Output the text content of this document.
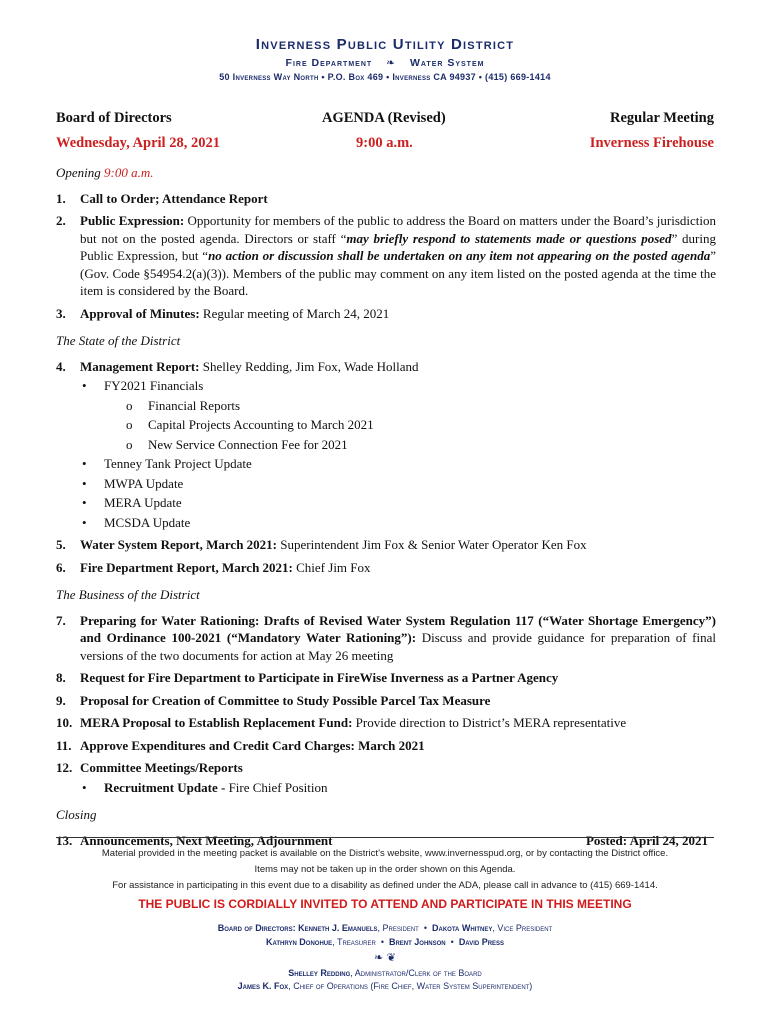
Inverness Public Utility District
Fire Department ❧ Water System
50 Inverness Way North • P.O. Box 469 • Inverness CA 94937 • (415) 669-1414
Board of Directors	AGENDA (Revised)	Regular Meeting
Wednesday, April 28, 2021	9:00 a.m.	Inverness Firehouse
Opening 9:00 a.m.
1. Call to Order; Attendance Report
2. Public Expression: Opportunity for members of the public to address the Board on matters under the Board’s jurisdiction but not on the posted agenda. Directors or staff “may briefly respond to statements made or questions posed” during Public Expression, but “no action or discussion shall be undertaken on any item not appearing on the posted agenda” (Gov. Code §54954.2(a)(3)). Members of the public may comment on any item listed on the posted agenda at the time the item is considered by the Board.
3. Approval of Minutes: Regular meeting of March 24, 2021
The State of the District
4. Management Report: Shelley Redding, Jim Fox, Wade Holland
• FY2021 Financials
o Financial Reports
o Capital Projects Accounting to March 2021
o New Service Connection Fee for 2021
• Tenney Tank Project Update
• MWPA Update
• MERA Update
• MCSDA Update
5. Water System Report, March 2021: Superintendent Jim Fox & Senior Water Operator Ken Fox
6. Fire Department Report, March 2021: Chief Jim Fox
The Business of the District
7. Preparing for Water Rationing: Drafts of Revised Water System Regulation 117 (“Water Shortage Emergency”) and Ordinance 100-2021 (“Mandatory Water Rationing”): Discuss and provide guidance for preparation of final versions of the two documents for action at May 26 meeting
8. Request for Fire Department to Participate in FireWise Inverness as a Partner Agency
9. Proposal for Creation of Committee to Study Possible Parcel Tax Measure
10. MERA Proposal to Establish Replacement Fund: Provide direction to District’s MERA representative
11. Approve Expenditures and Credit Card Charges: March 2021
12. Committee Meetings/Reports
• Recruitment Update - Fire Chief Position
Closing
13. Announcements, Next Meeting, Adjournment	Posted: April 24, 2021
Material provided in the meeting packet is available on the District’s website, www.invernesspud.org, or by contacting the District office.
Items may not be taken up in the order shown on this Agenda.
For assistance in participating in this event due to a disability as defined under the ADA, please call in advance to (415) 669-1414.
THE PUBLIC IS CORDIALLY INVITED TO ATTEND AND PARTICIPATE IN THIS MEETING
Board of Directors: Kenneth J. Emanuels, President  •  Dakota Whitney, Vice President
Kathryn Donohue, Treasurer  •  Brent Johnson  •  David Press
❧ ❦
Shelley Redding, Administrator/Clerk of the Board
James K. Fox, Chief of Operations (Fire Chief, Water System Superintendent)
